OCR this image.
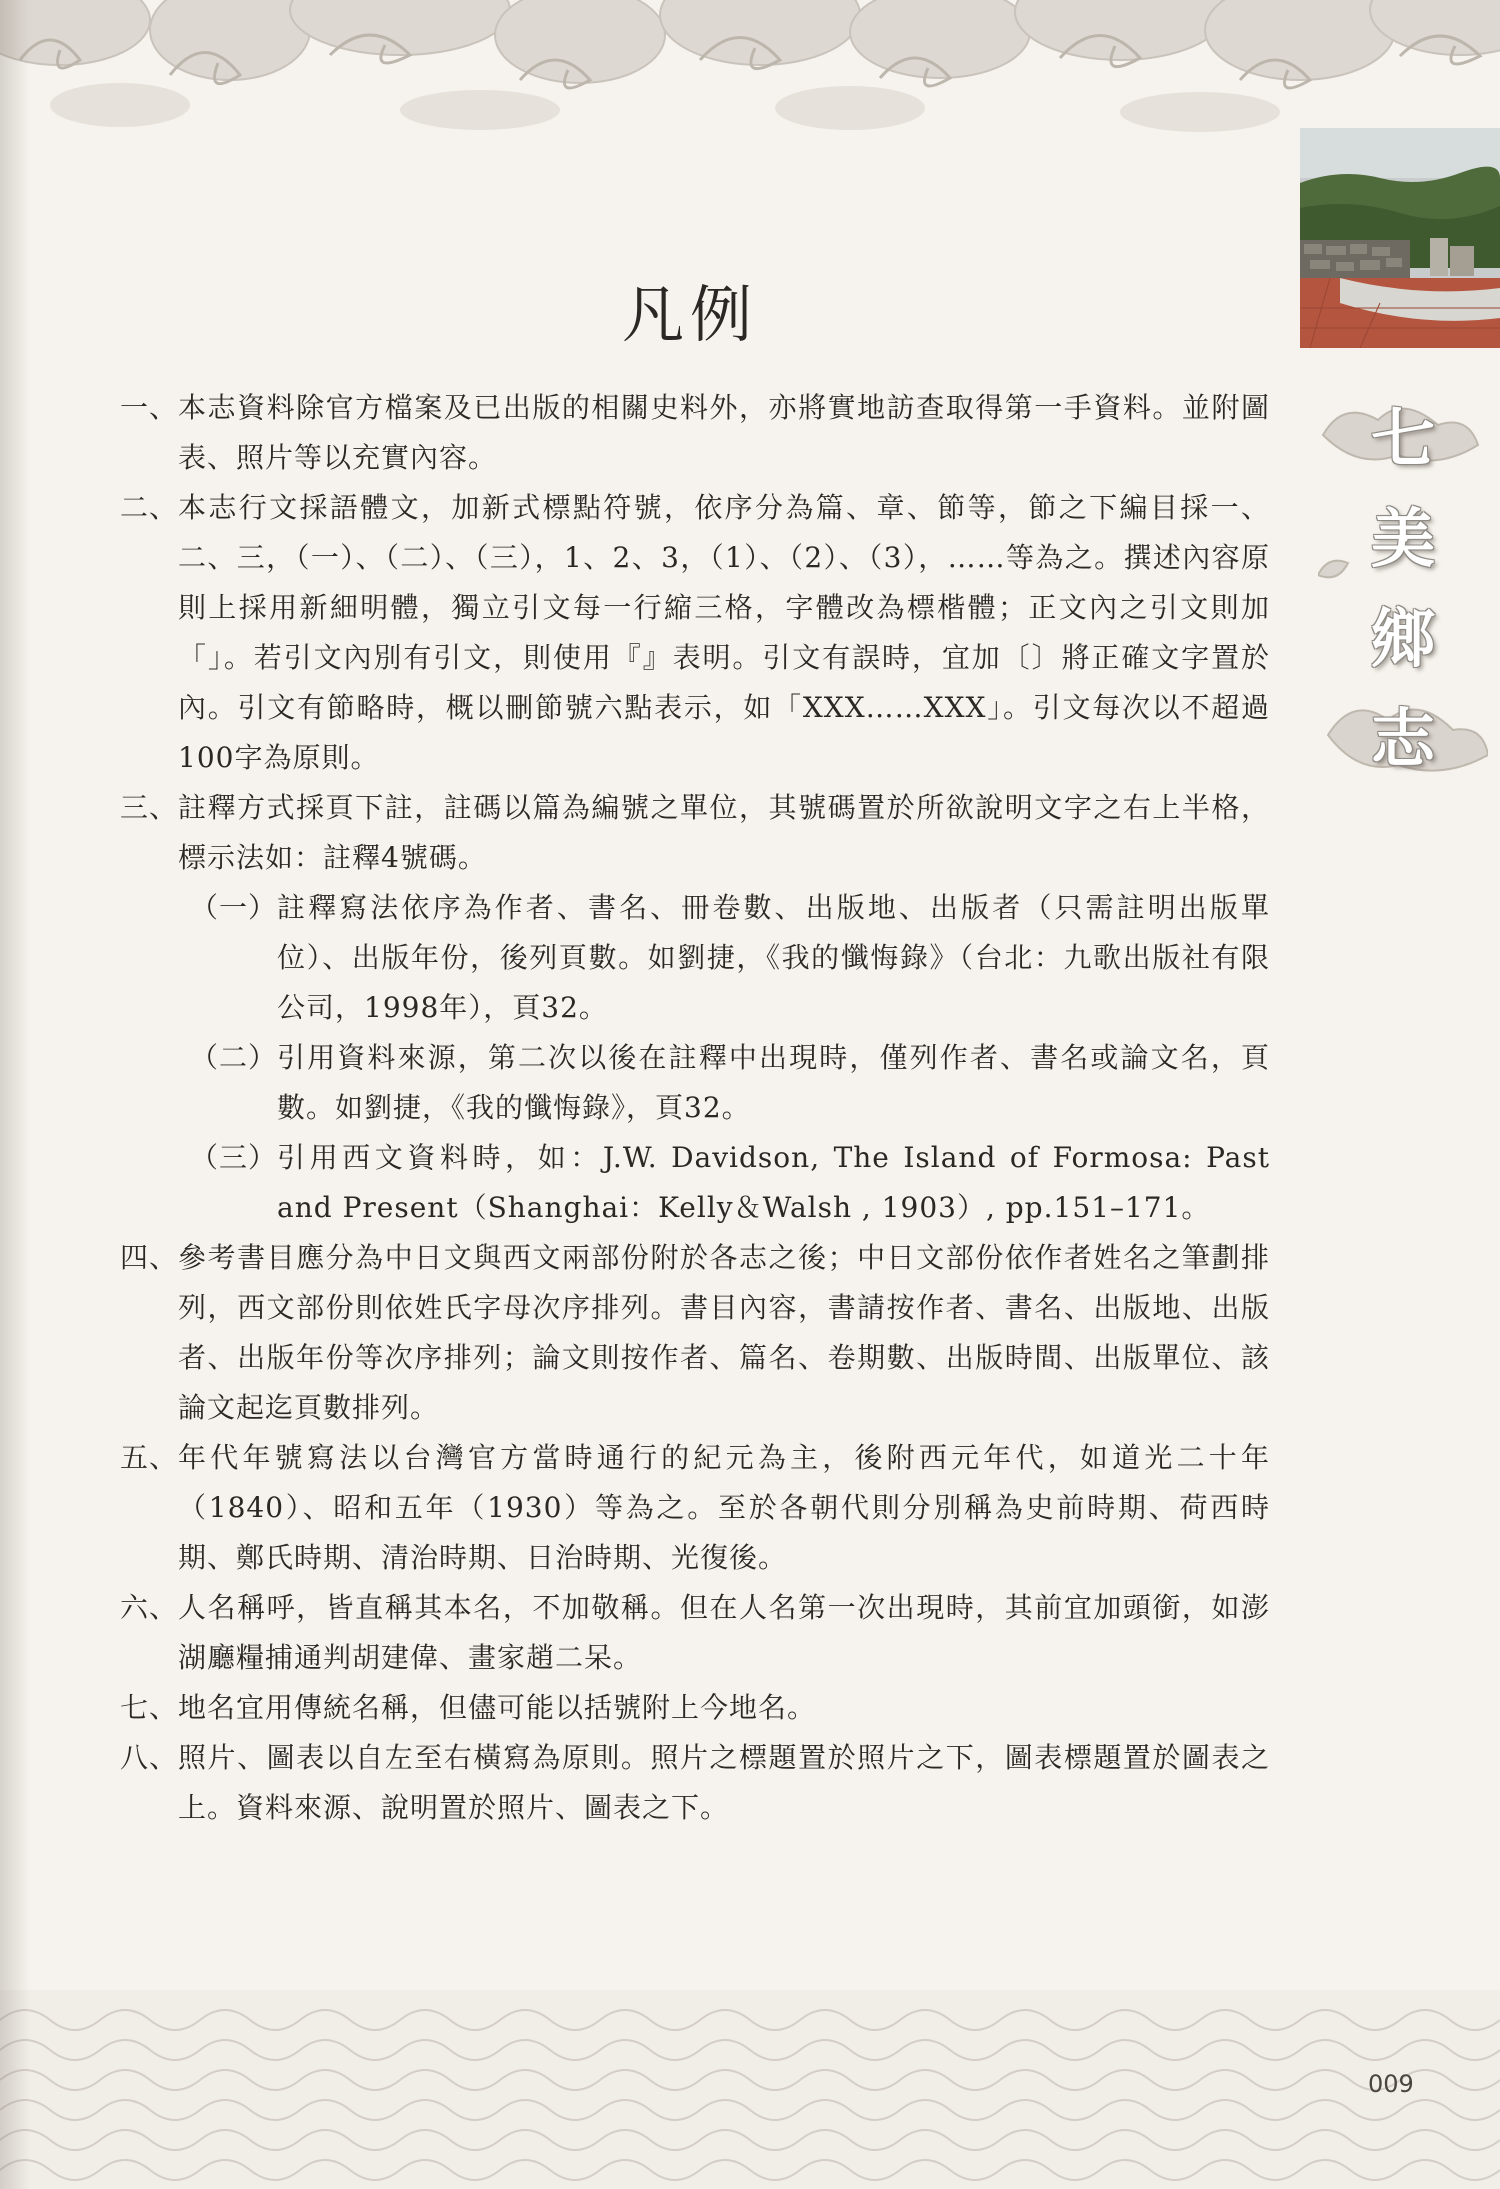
七
美
鄉
志
凡例
一、 本志資料除官方檔案及已出版的相關史料外，亦將實地訪查取得第一手資料。並附圖表、照片等以充實內容。
二、 本志行文採語體文，加新式標點符號，依序分為篇、章、節等，節之下編目採一、二、三，（一）、（二）、（三），1、2、3，（1）、（2）、（3），……等為之。撰述內容原則上採用新細明體，獨立引文每一行縮三格，字體改為標楷體；正文內之引文則加「」。若引文內別有引文，則使用『』表明。引文有誤時，宜加〔〕將正確文字置於內。引文有節略時，概以刪節號六點表示，如「XXX……XXX」。引文每次以不超過100字為原則。
三、 註釋方式採頁下註，註碼以篇為編號之單位，其號碼置於所欲說明文字之右上半格，標示法如：註釋4號碼。
（一） 註釋寫法依序為作者、書名、冊卷數、出版地、出版者（只需註明出版單位）、出版年份，後列頁數。如劉捷，《我的懺悔錄》（台北：九歌出版社有限公司，1998年），頁32。
（二） 引用資料來源，第二次以後在註釋中出現時，僅列作者、書名或論文名，頁數。如劉捷，《我的懺悔錄》，頁32。
（三） 引用西文資料時，如：J.W. Davidson, The Island of Formosa: Past and Present（Shanghai：Kelly＆Walsh , 1903）, pp.151–171。
四、 參考書目應分為中日文與西文兩部份附於各志之後；中日文部份依作者姓名之筆劃排列，西文部份則依姓氏字母次序排列。書目內容，書請按作者、書名、出版地、出版者、出版年份等次序排列；論文則按作者、篇名、卷期數、出版時間、出版單位、該論文起迄頁數排列。
五、 年代年號寫法以台灣官方當時通行的紀元為主，後附西元年代，如道光二十年（1840）、昭和五年（1930）等為之。至於各朝代則分別稱為史前時期、荷西時期、鄭氏時期、清治時期、日治時期、光復後。
六、 人名稱呼，皆直稱其本名，不加敬稱。但在人名第一次出現時，其前宜加頭銜，如澎湖廳糧捕通判胡建偉、畫家趙二呆。
七、 地名宜用傳統名稱，但儘可能以括號附上今地名。
八、 照片、圖表以自左至右橫寫為原則。照片之標題置於照片之下，圖表標題置於圖表之上。資料來源、說明置於照片、圖表之下。
009
